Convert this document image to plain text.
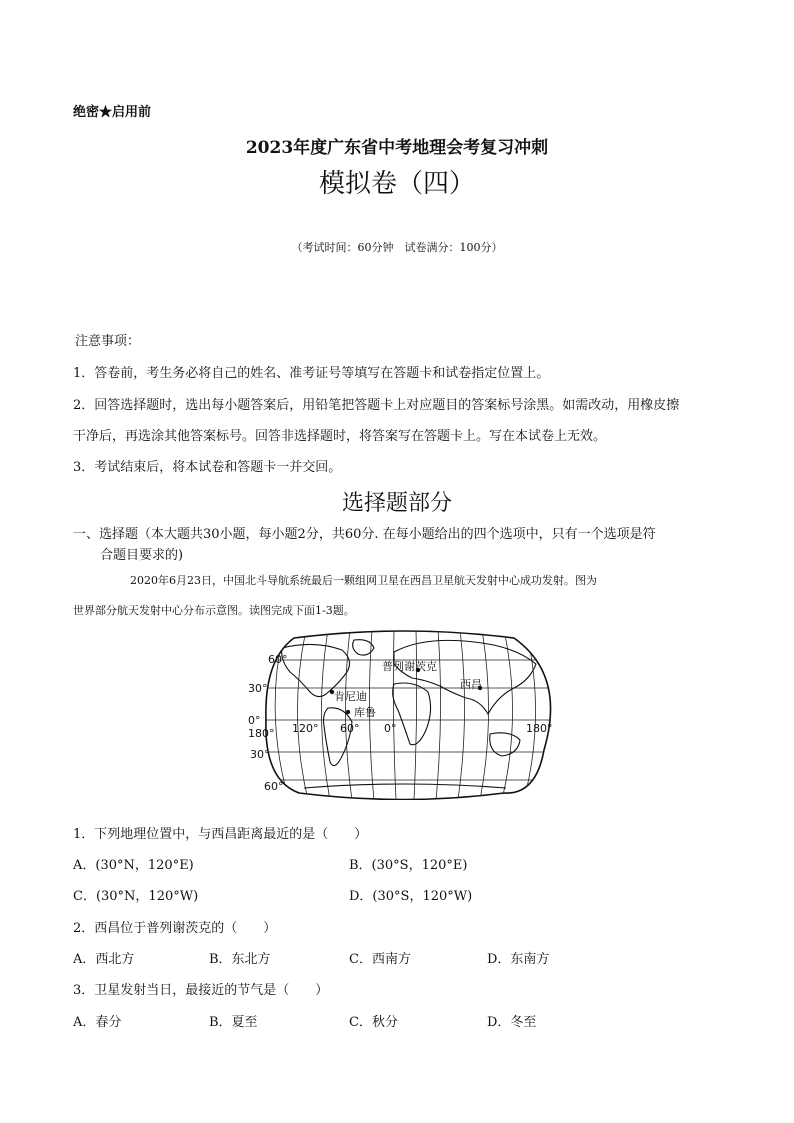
绝密★启用前
2023年度广东省中考地理会考复习冲刺
模拟卷（四）
（考试时间：60分钟　试卷满分：100分）
注意事项：
1．答卷前，考生务必将自己的姓名、准考证号等填写在答题卡和试卷指定位置上。
2．回答选择题时，选出每小题答案后，用铅笔把答题卡上对应题目的答案标号涂黑。如需改动，用橡皮擦
干净后，再选涂其他答案标号。回答非选择题时，将答案写在答题卡上。写在本试卷上无效。
3．考试结束后，将本试卷和答题卡一并交回。
选择题部分
一、选择题（本大题共30小题，每小题2分，共60分. 在每小题给出的四个选项中，只有一个选项是符
合题目要求的)
2020年6月23日，中国北斗导航系统最后一颗组网卫星在西昌卫星航天发射中心成功发射。图为
世界部分航天发射中心分布示意图。读图完成下面1-3题。
60°
30°
0°
30°
60°
180° 120° 60° 0°	180°
普列谢茨克
西昌
肯尼迪
库鲁
1．下列地理位置中，与西昌距离最近的是（　　）
A．(30°N，120°E)	B．(30°S，120°E)
C．(30°N，120°W)	D．(30°S，120°W)
2．西昌位于普列谢茨克的（　　）
A．西北方	B．东北方	C．西南方	D．东南方
3．卫星发射当日，最接近的节气是（　　）
A．春分	B．夏至	C．秋分	D．冬至
